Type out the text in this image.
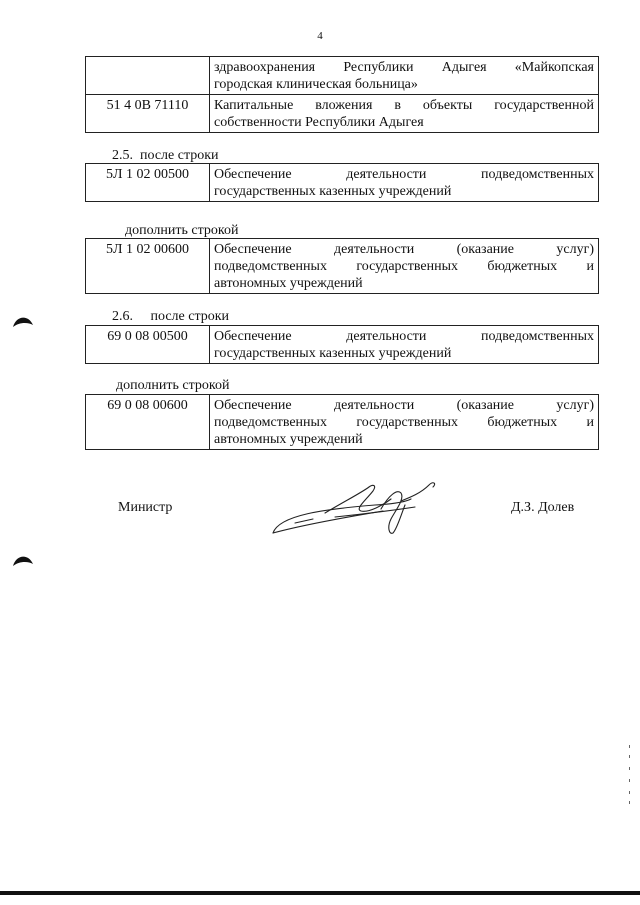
4

	здравоохранения Республики Адыгея «Майкопская
городская клиническая больница»
51 4 0В 71110	Капитальные вложения в объекты государственной
собственности Республики Адыгея
2.5.  после строки
5Л 1 02 00500	Обеспечение деятельности подведомственных
государственных казенных учреждений
дополнить строкой
5Л 1 02 00600	Обеспечение деятельности (оказание услуг)
подведомственных государственных бюджетных и
автономных учреждений
2.6.     после строки
69 0 08 00500	Обеспечение деятельности подведомственных
государственных казенных учреждений
дополнить строкой
69 0 08 00600	Обеспечение деятельности (оказание услуг)
подведомственных государственных бюджетных и
автономных учреждений
Министр	Д.З. Долев
